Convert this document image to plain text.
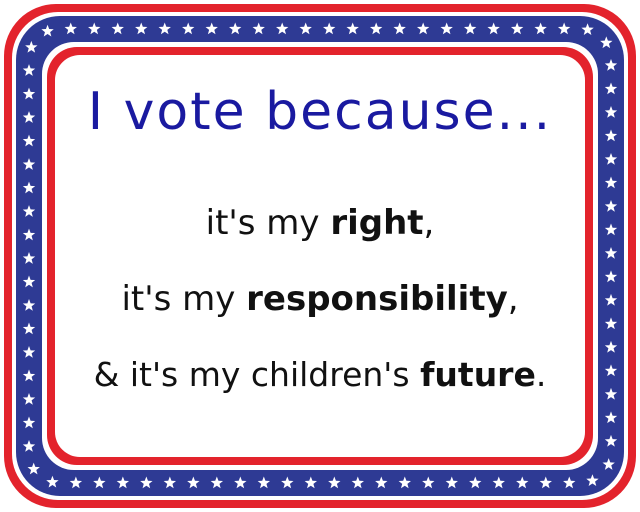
I vote because...
it's my right,
it's my responsibility,
& it's my children's future.
